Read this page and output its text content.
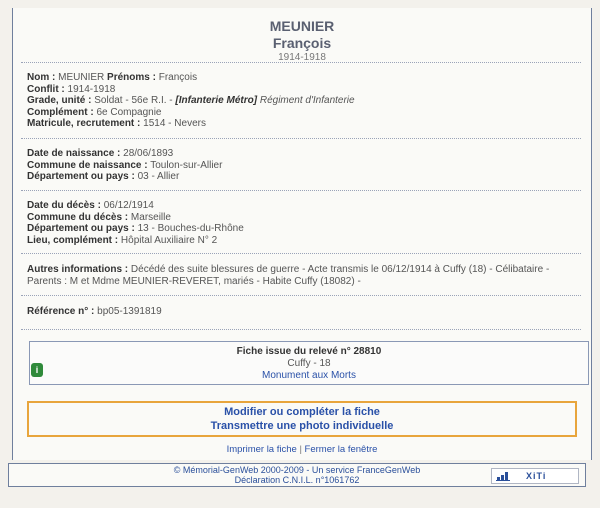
MEUNIER
François
1914-1918
Nom : MEUNIER Prénoms : François
Conflit : 1914-1918
Grade, unité : Soldat - 56e R.I. - [Infanterie Métro] Régiment d'Infanterie
Complément : 6e Compagnie
Matricule, recrutement : 1514 - Nevers
Date de naissance : 28/06/1893
Commune de naissance : Toulon-sur-Allier
Département ou pays : 03 - Allier
Date du décès : 06/12/1914
Commune du décès : Marseille
Département ou pays : 13 - Bouches-du-Rhône
Lieu, complément : Hôpital Auxiliaire N° 2
Autres informations : Décédé des suite blessures de guerre - Acte transmis le 06/12/1914 à Cuffy (18) - Célibataire -
Parents : M et Mdme MEUNIER-REVERET, mariés - Habite Cuffy (18082) -
Référence n° : bp05-1391819
Fiche issue du relevé n° 28810
Cuffy - 18
Monument aux Morts
i
Modifier ou compléter la fiche
Transmettre une photo individuelle
Imprimer la fiche | Fermer la fenêtre
© Mémorial-GenWeb 2000-2009 - Un service FranceGenWeb
Déclaration C.N.I.L. n°1061762	XiTi
